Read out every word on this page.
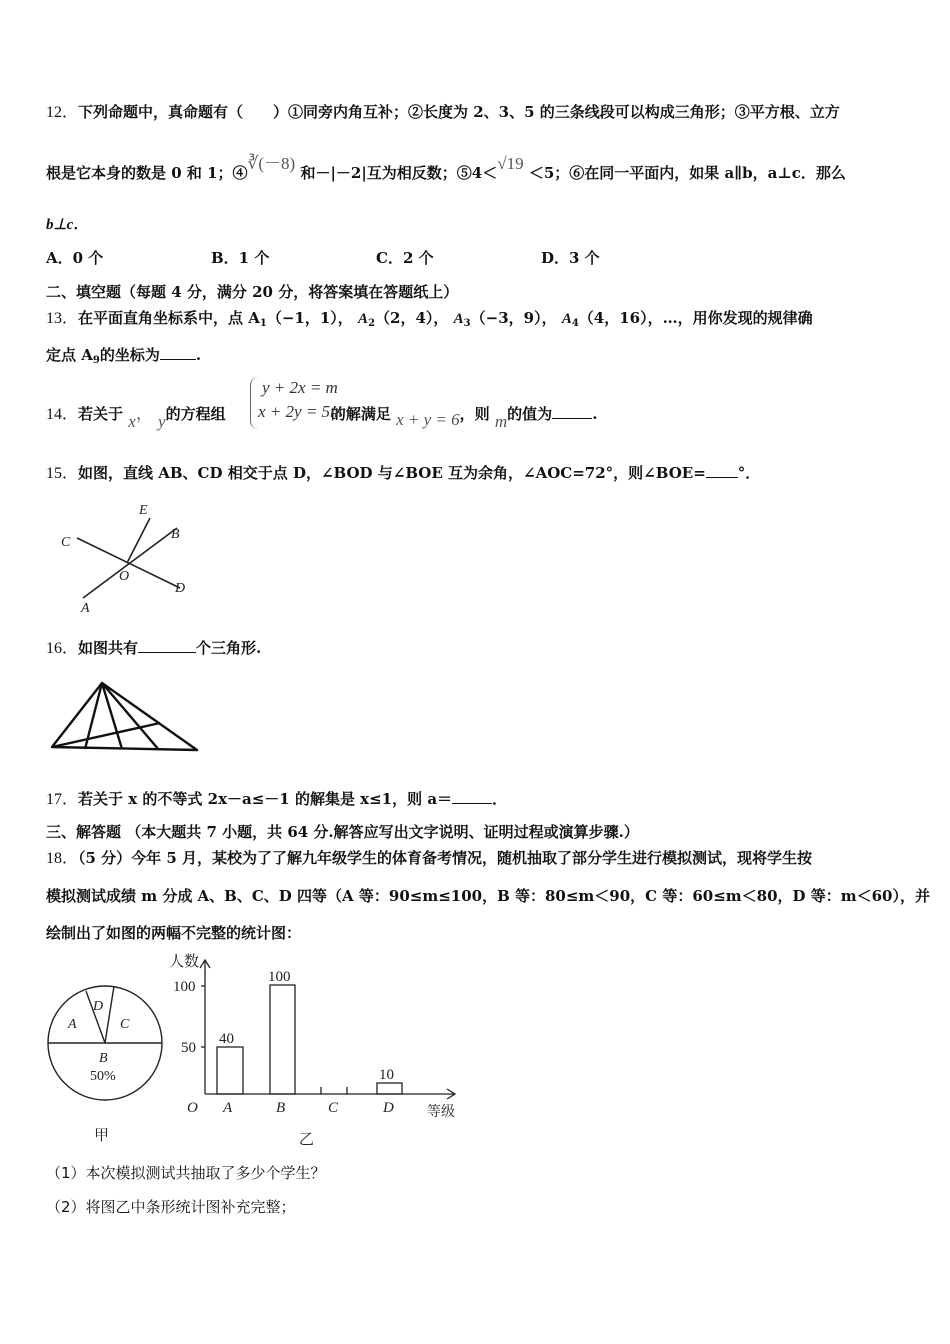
12．下列命题中，真命题有（　　）①同旁内角互补；②长度为 2、3、5 的三条线段可以构成三角形；③平方根、立方
根是它本身的数是 0 和 1；④∛(－8) 和－|－2|互为相反数；⑤4＜√19 ＜5；⑥在同一平面内，如果 a∥b，a⊥c．那么
b⊥c．
A．0 个	B．1 个	C．2 个	D．3 个
二、填空题（每题 4 分，满分 20 分，将答案填在答题纸上）
13．在平面直角坐标系中，点 $A_1(-1$，1）， $A_2(2$，4）， $A_3(-3$，9）， $A_4(4$，16），…，用你发现的规律确
定点 $A_9$的坐标为 .
14．若关于 x， y的方程组	的解满足 x + y = 6，则 m的值为	.
y + 2x = m
x + 2y = 5m
15．如图，直线 AB、CD 相交于点 D，∠BOD 与∠BOE 互为余角，∠AOC=72°，则∠BOE= °．
E
B
C
O
D
A
16．如图共有	个三角形.
17．若关于 x 的不等式 2x－a≤－1 的解集是 x≤1，则 a＝	．
三、解答题 （本大题共 7 小题，共 64 分.解答应写出文字说明、证明过程或演算步骤.）
18．（5 分）今年 5 月，某校为了了解九年级学生的体育备考情况，随机抽取了部分学生进行模拟测试，现将学生按
模拟测试成绩 m 分成 A、B、C、D 四等（A 等：90≤m≤100，B 等：80≤m＜90，C 等：60≤m＜80，D 等：m＜60），并
绘制出了如图的两幅不完整的统计图：
A
D
C
B
50%
甲
人数
100
50
40
100
10
O A	B	C	D 等级
乙
（1）本次模拟测试共抽取了多少个学生？
（2）将图乙中条形统计图补充完整；
